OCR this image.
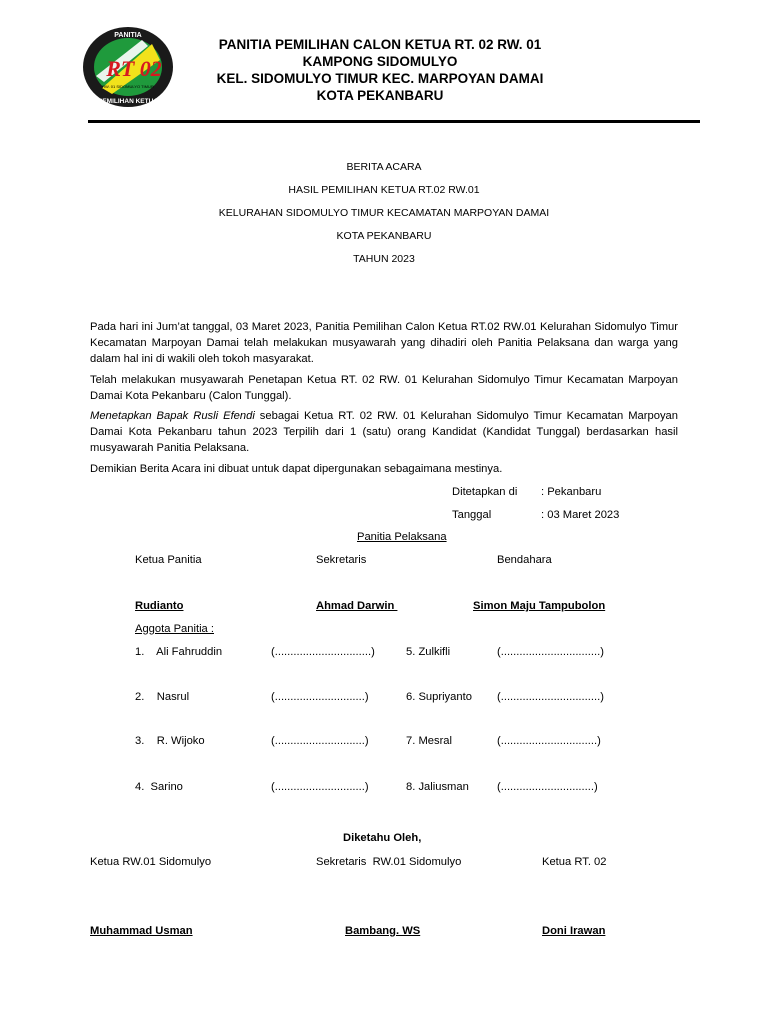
RT 02
RW. 01 SIDOMULYO TIMUR
PANITIA
PEMILIHAN KETUA
PANITIA PEMILIHAN CALON KETUA RT. 02 RW. 01
KAMPONG SIDOMULYO
KEL. SIDOMULYO TIMUR KEC. MARPOYAN DAMAI
KOTA PEKANBARU
BERITA ACARA
HASIL PEMILIHAN KETUA RT.02 RW.01
KELURAHAN SIDOMULYO TIMUR KECAMATAN MARPOYAN DAMAI
KOTA PEKANBARU
TAHUN 2023
Pada hari ini Jum’at tanggal, 03 Maret 2023, Panitia Pemilihan Calon Ketua RT.02 RW.01 Kelurahan Sidomulyo Timur Kecamatan Marpoyan Damai telah melakukan musyawarah yang dihadiri oleh Panitia Pelaksana dan warga yang dalam hal ini di wakili oleh tokoh masyarakat.
Telah melakukan musyawarah Penetapan Ketua RT. 02 RW. 01 Kelurahan Sidomulyo Timur Kecamatan Marpoyan Damai Kota Pekanbaru (Calon Tunggal).
Menetapkan Bapak Rusli Efendi sebagai Ketua RT. 02 RW. 01 Kelurahan Sidomulyo Timur Kecamatan Marpoyan Damai Kota Pekanbaru tahun 2023 Terpilih dari 1 (satu) orang Kandidat (Kandidat Tunggal) berdasarkan hasil musyawarah Panitia Pelaksana.
Demikian Berita Acara ini dibuat untuk dapat dipergunakan sebagaimana mestinya.
Ditetapkan di : Pekanbaru
Tanggal	: 03 Maret 2023
Panitia Pelaksana
Ketua Panitia	Sekretaris	Bendahara
Rudianto	Ahmad Darwin	Simon Maju Tampubolon
Aggota Panitia :
1.    Ali Fahruddin	(...............................)	5. Zulkifli	(................................)
2.    Nasrul	(.............................)	6. Supriyanto (................................)
3.    R. Wijoko	(.............................)	7. Mesral	(...............................)
4.  Sarino	(.............................)	8. Jaliusman	(..............................)
Diketahu Oleh,
Ketua RW.01 Sidomulyo	Sekretaris  RW.01 Sidomulyo	Ketua RT. 02
Muhammad Usman	Bambang. WS	Doni Irawan
